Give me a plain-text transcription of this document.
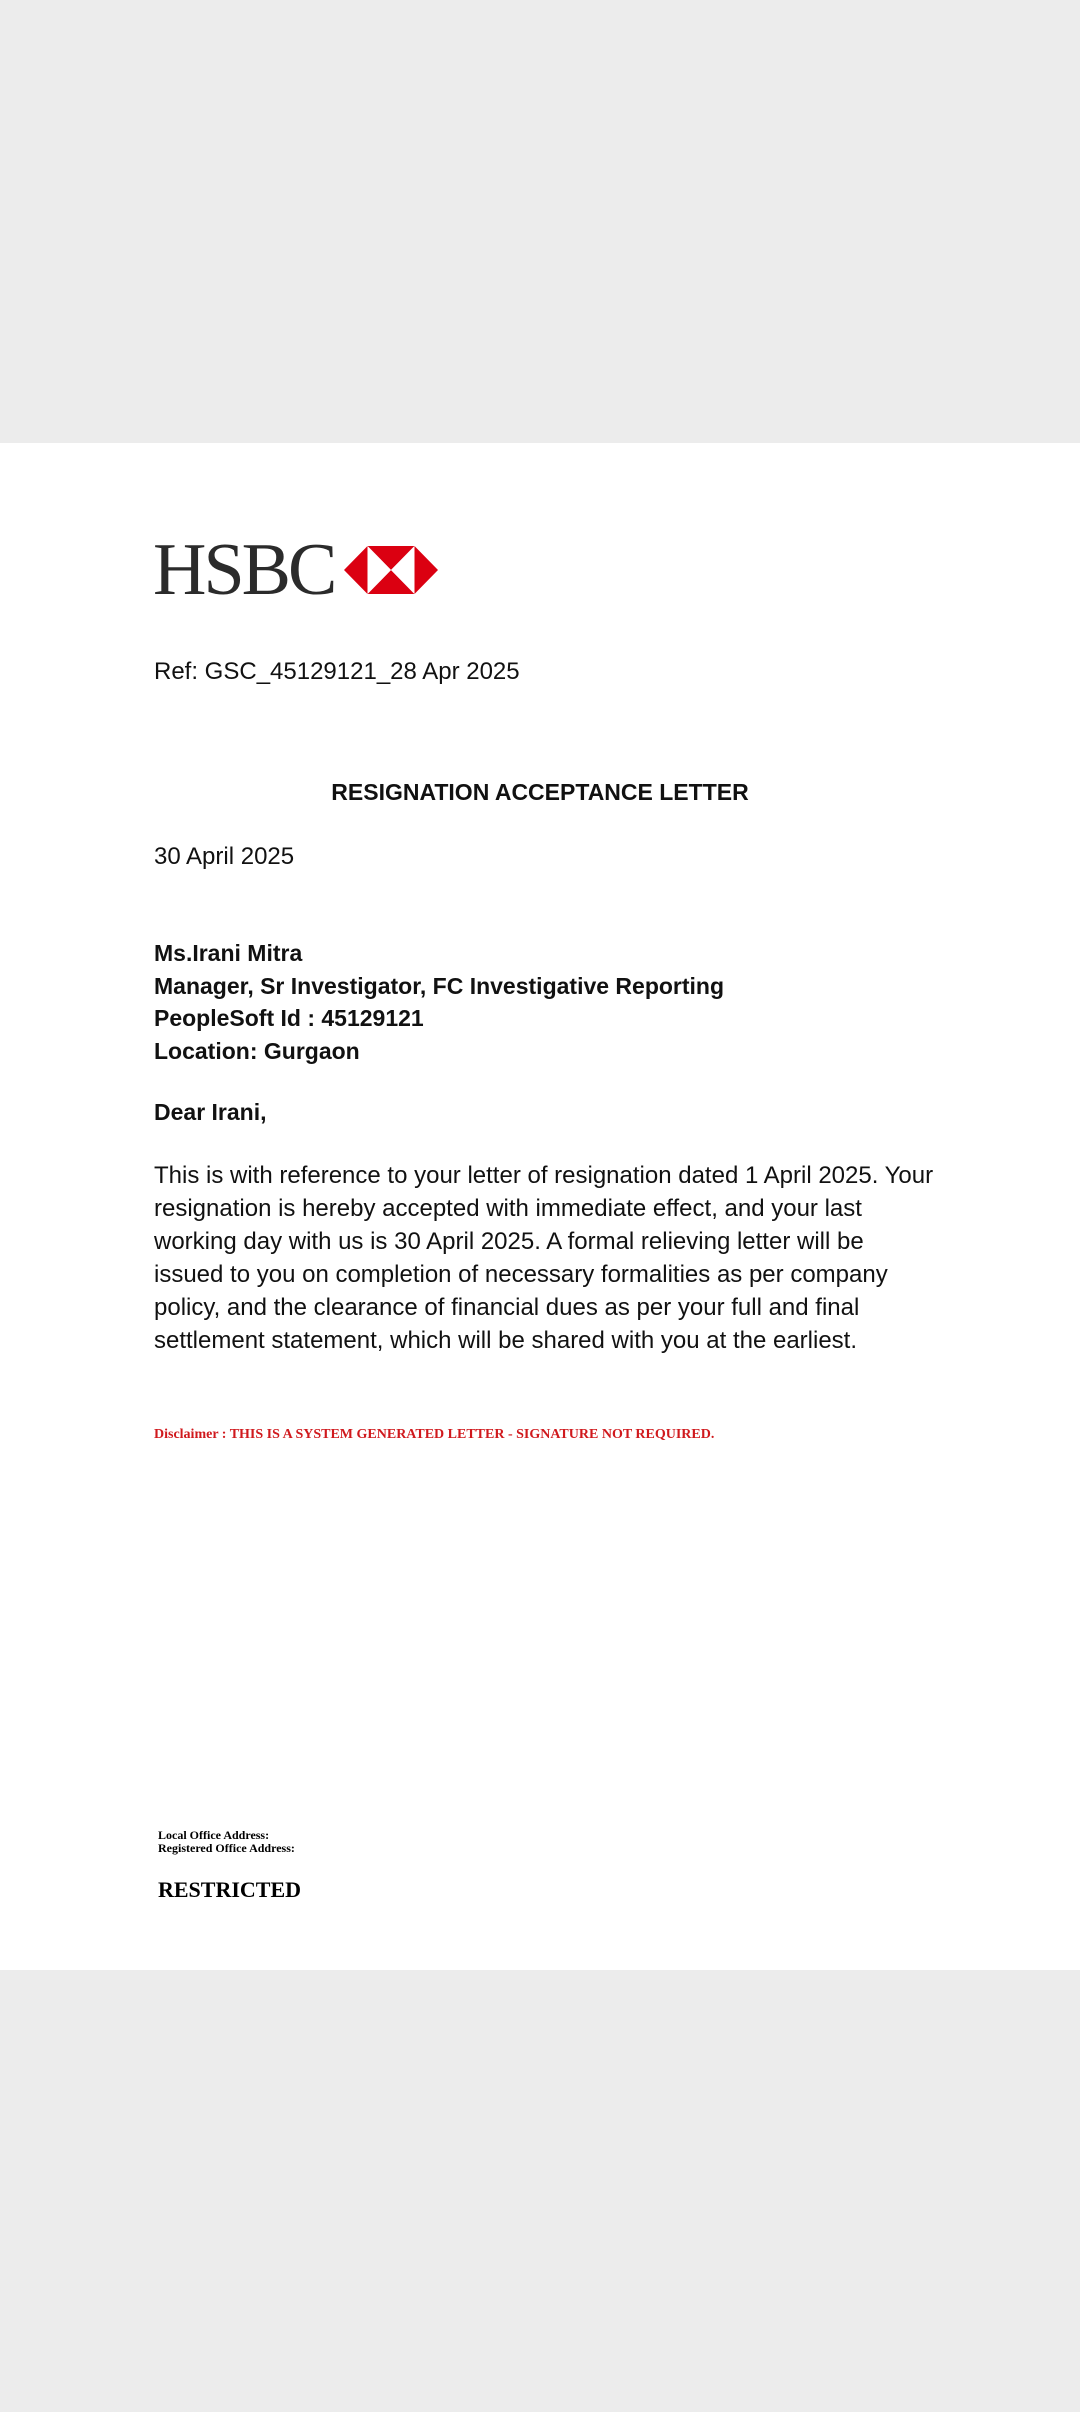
HSBC
Ref: GSC_45129121_28 Apr 2025
RESIGNATION ACCEPTANCE LETTER
30 April 2025
Ms.Irani Mitra
Manager, Sr Investigator, FC Investigative Reporting
PeopleSoft Id : 45129121
Location: Gurgaon
Dear Irani,
This is with reference to your letter of resignation dated 1 April 2025. Your resignation is hereby accepted with immediate effect, and your last working day with us is 30 April 2025. A formal relieving letter will be issued to you on completion of necessary formalities as per company policy, and the clearance of financial dues as per your full and final settlement statement, which will be shared with you at the earliest.
Disclaimer : THIS IS A SYSTEM GENERATED LETTER - SIGNATURE NOT REQUIRED.
Local Office Address:
Registered Office Address:
RESTRICTED
